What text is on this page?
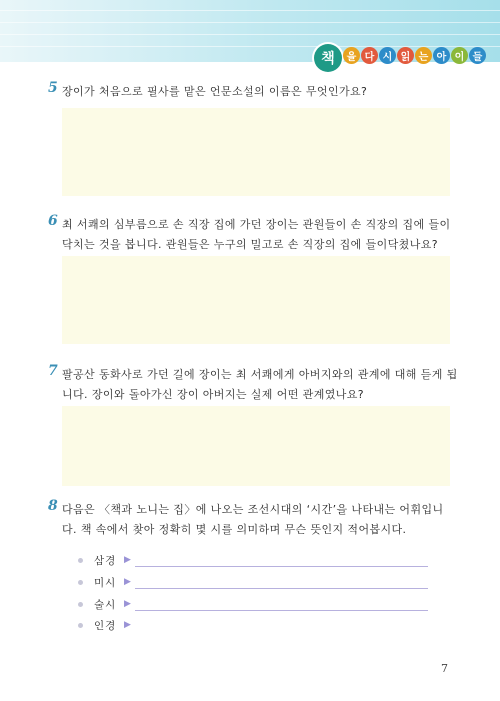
책	을 다 시 읽 는 아 이 들
5 장이가 처음으로 필사를 맡은 언문소설의 이름은 무엇인가요?
6 최 서쾌의 심부름으로 손 직장 집에 가던 장이는 관원들이 손 직장의 집에 들이닥치는 것을 봅니다. 관원들은 누구의 밀고로 손 직장의 집에 들이닥쳤나요?
7 팔공산 동화사로 가던 길에 장이는 최 서쾌에게 아버지와의 관계에 대해 듣게 됩니다. 장이와 돌아가신 장이 아버지는 실제 어떤 관계였나요?
8 다음은 〈책과 노니는 집〉에 나오는 조선시대의 ‘시간’을 나타내는 어휘입니다. 책 속에서 찾아 정확히 몇 시를 의미하며 무슨 뜻인지 적어봅시다.
삼경 ▶
미시 ▶
술시 ▶
인경 ▶
7
